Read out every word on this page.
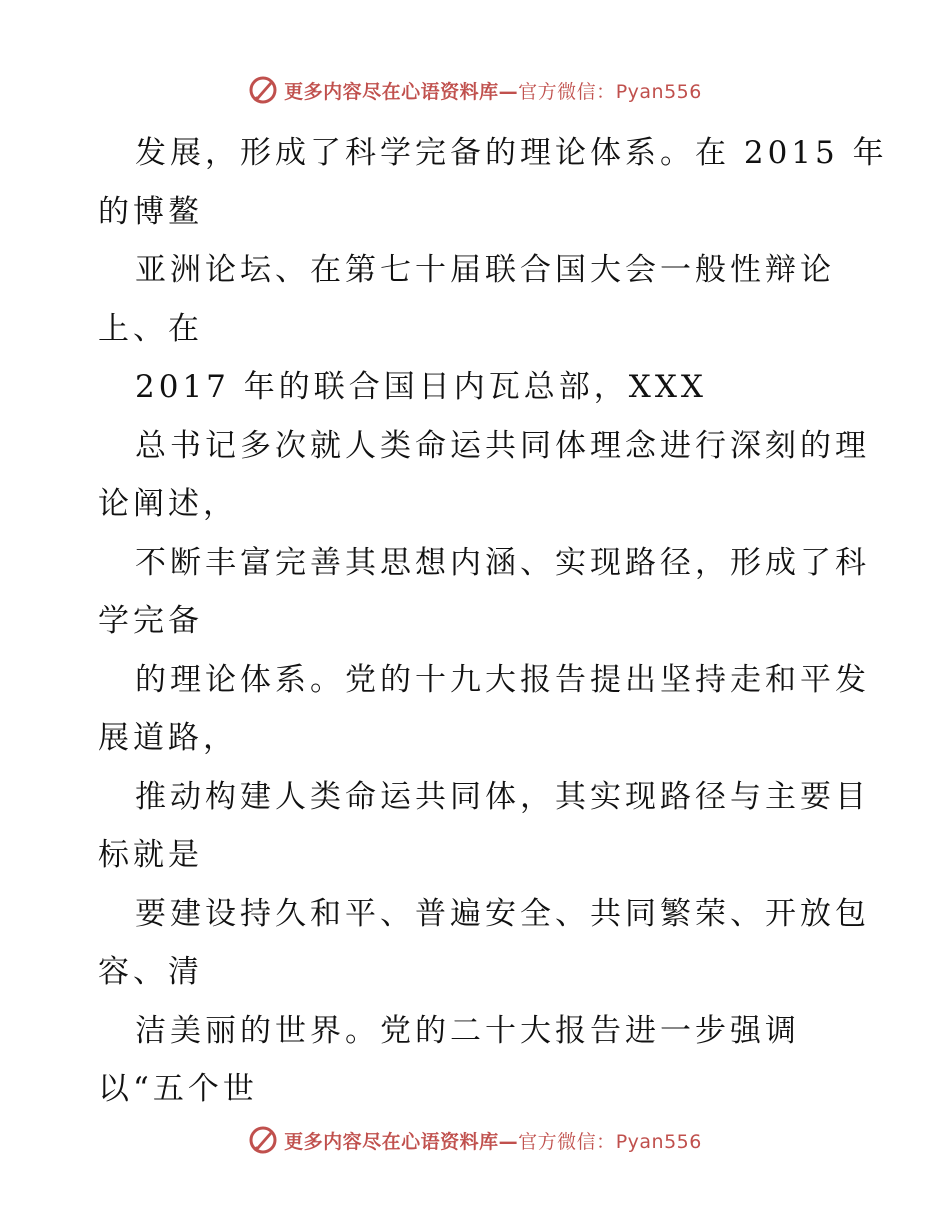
更多内容尽在心语资料库—官方微信：Pyan556
发展，形成了科学完备的理论体系。在 2015 年
的博鳌
亚洲论坛、在第七十届联合国大会一般性辩论
上、在
2017 年的联合国日内瓦总部，XXX
总书记多次就人类命运共同体理念进行深刻的理
论阐述，
不断丰富完善其思想内涵、实现路径，形成了科
学完备
的理论体系。党的十九大报告提出坚持走和平发
展道路，
推动构建人类命运共同体，其实现路径与主要目
标就是
要建设持久和平、普遍安全、共同繁荣、开放包
容、清
洁美丽的世界。党的二十大报告进一步强调
以“五个世
更多内容尽在心语资料库—官方微信：Pyan556
